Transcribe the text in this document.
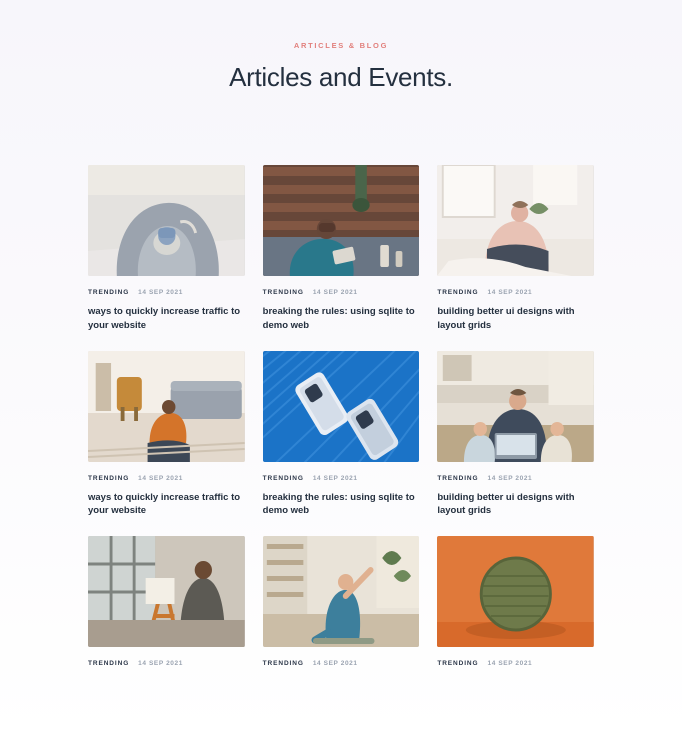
ARTICLES & BLOG
Articles and Events.
TRENDING 14 SEP 2021
ways to quickly increase traffic to your website
TRENDING 14 SEP 2021
breaking the rules: using sqlite to demo web
TRENDING 14 SEP 2021
building better ui designs with layout grids
TRENDING 14 SEP 2021
ways to quickly increase traffic to your website
TRENDING 14 SEP 2021
breaking the rules: using sqlite to demo web
TRENDING 14 SEP 2021
building better ui designs with layout grids
TRENDING 14 SEP 2021	TRENDING 14 SEP 2021	TRENDING 14 SEP 2021
